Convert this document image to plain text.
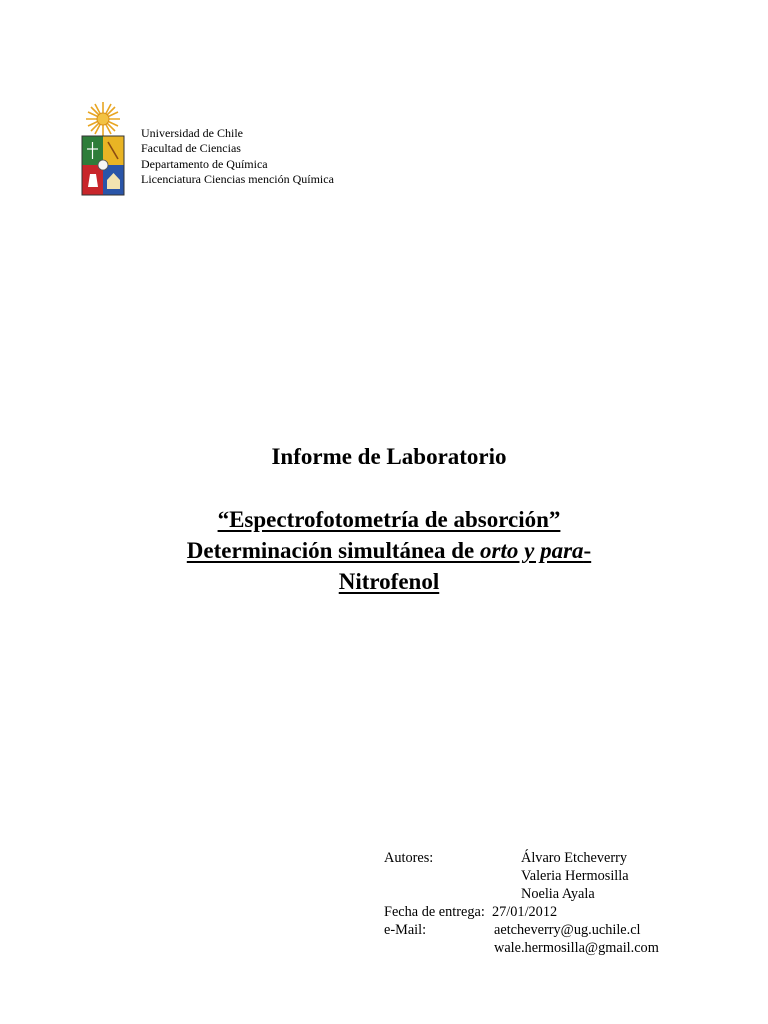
Universidad de Chile
Facultad de Ciencias
Departamento de Química
Licenciatura Ciencias mención Química
Informe de Laboratorio
“Espectrofotometría de absorción”
Determinación simultánea de orto y para-
Nitrofenol
Autores:	Álvaro Etcheverry
Valeria Hermosilla
Noelia Ayala
Fecha de entrega: 27/01/2012
e-Mail:	aetcheverry@ug.uchile.cl
wale.hermosilla@gmail.com
